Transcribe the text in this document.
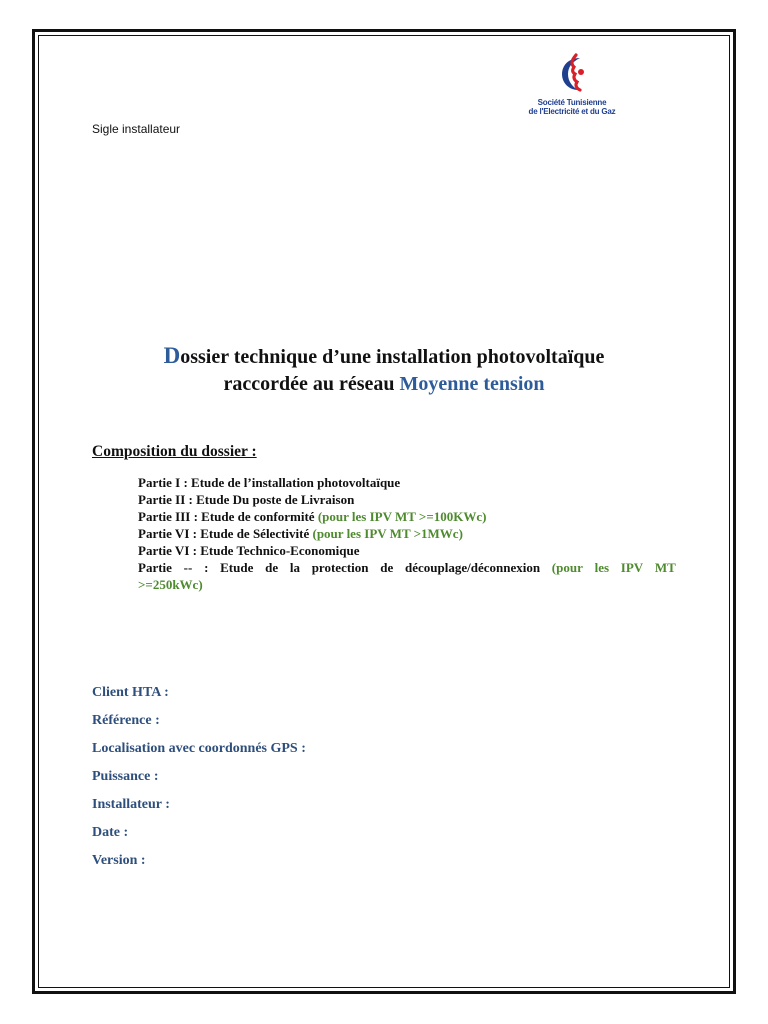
Sigle installateur
Société Tunisienne
de l'Electricité et du Gaz
Dossier technique d’une installation photovoltaïque
raccordée au réseau Moyenne tension
Composition du dossier :
Partie I : Etude de l’installation photovoltaïque
Partie II : Etude Du poste de Livraison
Partie III : Etude de conformité (pour les IPV MT >=100KWc)
Partie VI : Etude de Sélectivité (pour les IPV MT >1MWc)
Partie VI : Etude Technico-Economique
Partie -- : Etude de la protection de découplage/déconnexion (pour les IPV MT
>=250kWc)
Client HTA :
Référence :
Localisation avec coordonnés GPS :
Puissance :
Installateur :
Date :
Version :
